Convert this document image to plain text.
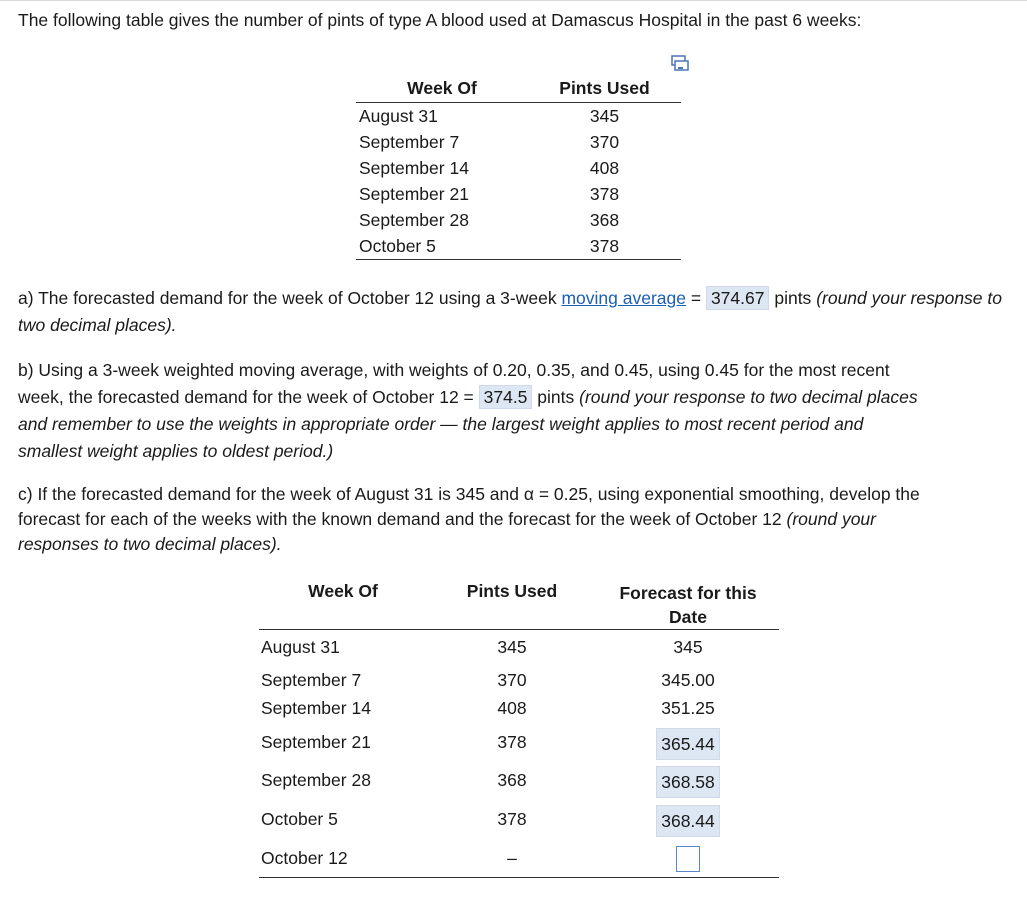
The following table gives the number of pints of type A blood used at Damascus Hospital in the past 6 weeks:
Week Of	Pints Used
August 31	345
September 7	370
September 14	408
September 21	378
September 28	368
October 5	378
a) The forecasted demand for the week of October 12 using a 3-week moving average = 374.67 pints (round your response to two decimal places).
b) Using a 3-week weighted moving average, with weights of 0.20, 0.35, and 0.45, using 0.45 for the most recent
week, the forecasted demand for the week of October 12 = 374.5 pints (round your response to two decimal places
and remember to use the weights in appropriate order — the largest weight applies to most recent period and
smallest weight applies to oldest period.)
c) If the forecasted demand for the week of August 31 is 345 and α = 0.25, using exponential smoothing, develop the
forecast for each of the weeks with the known demand and the forecast for the week of October 12 (round your
responses to two decimal places).
Week Of	Pints Used	Forecast for this
Date
August 31	345	345
September 7	370	345.00
September 14	408	351.25
September 21	378	365.44
September 28	368	368.58
October 5	378	368.44
October 12	–
